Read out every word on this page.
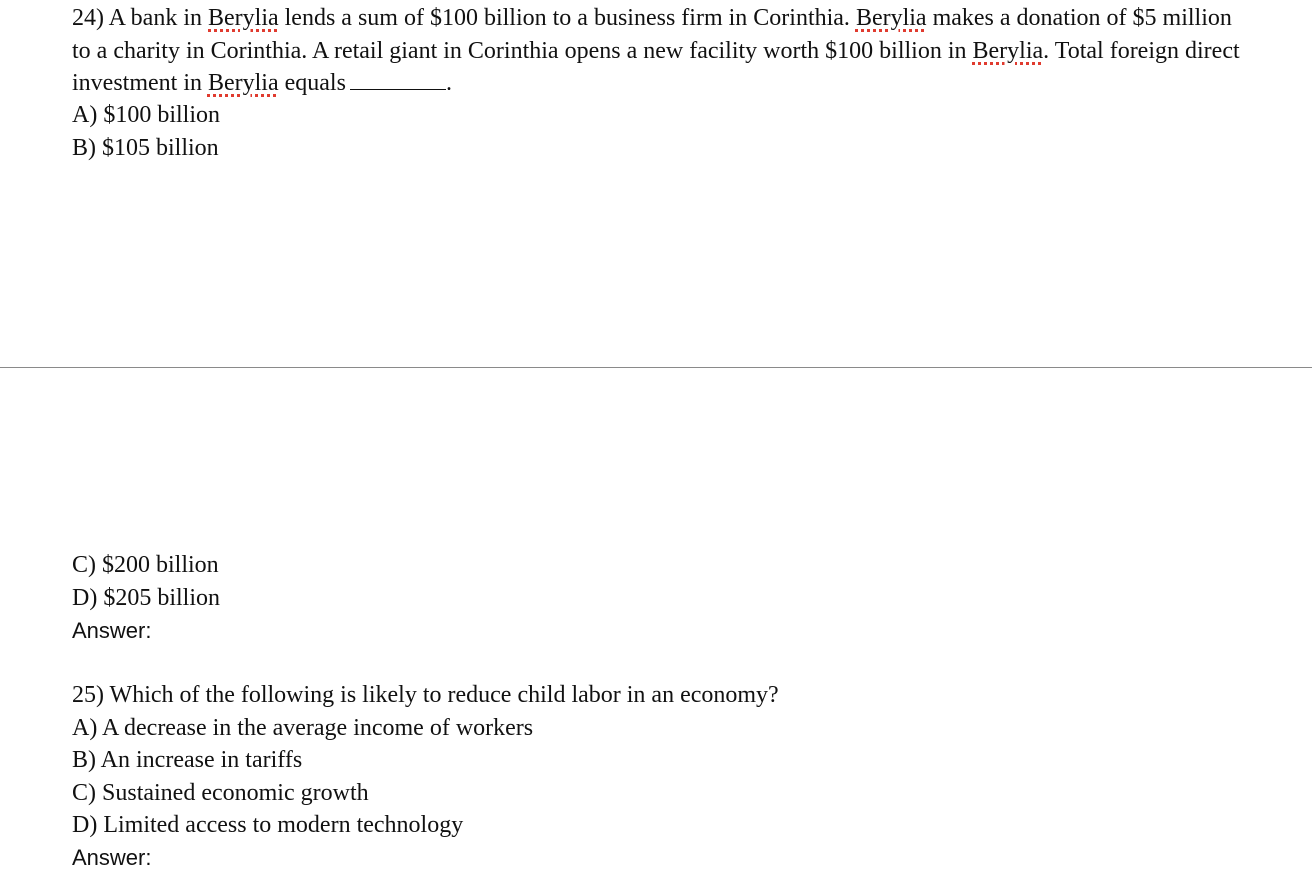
24) A bank in Berylia lends a sum of $100 billion to a business firm in Corinthia. Berylia makes a donation of $5 million to a charity in Corinthia. A retail giant in Corinthia opens a new facility worth $100 billion in Berylia. Total foreign direct investment in Berylia equals	.
A) $100 billion
B) $105 billion
C) $200 billion
D) $205 billion
Answer:
25) Which of the following is likely to reduce child labor in an economy?
A) A decrease in the average income of workers
B) An increase in tariffs
C) Sustained economic growth
D) Limited access to modern technology
Answer:
